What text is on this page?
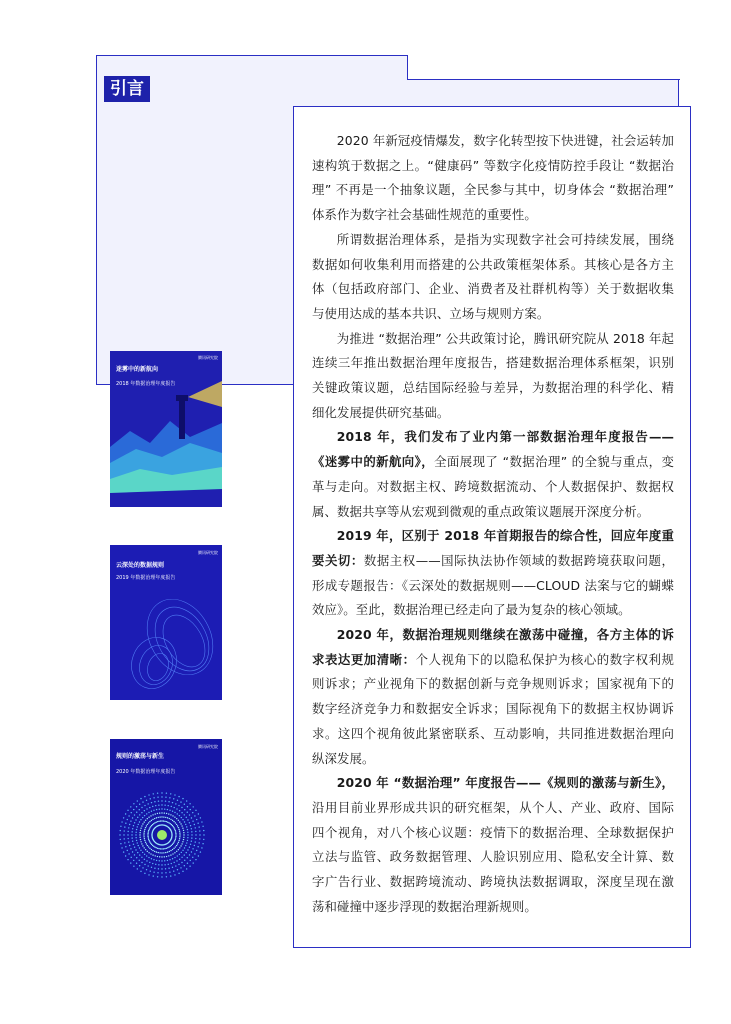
引言

2020 年新冠疫情爆发，数字化转型按下快进键，社会运转加速构筑于数据之上。“健康码” 等数字化疫情防控手段让 “数据治理” 不再是一个抽象议题，全民参与其中，切身体会 “数据治理” 体系作为数字社会基础性规范的重要性。

所谓数据治理体系，是指为实现数字社会可持续发展，围绕数据如何收集利用而搭建的公共政策框架体系。其核心是各方主体（包括政府部门、企业、消费者及社群机构等）关于数据收集与使用达成的基本共识、立场与规则方案。

为推进 “数据治理” 公共政策讨论，腾讯研究院从 2018 年起连续三年推出数据治理年度报告，搭建数据治理体系框架，识别关键政策议题，总结国际经验与差异，为数据治理的科学化、精细化发展提供研究基础。

2018 年，我们发布了业内第一部数据治理年度报告——《迷雾中的新航向》，全面展现了 “数据治理” 的全貌与重点，变革与走向。对数据主权、跨境数据流动、个人数据保护、数据权属、数据共享等从宏观到微观的重点政策议题展开深度分析。

2019 年，区别于 2018 年首期报告的综合性，回应年度重要关切：数据主权——国际执法协作领域的数据跨境获取问题，形成专题报告：《云深处的数据规则——CLOUD 法案与它的蝴蝶效应》。至此，数据治理已经走向了最为复杂的核心领域。

2020 年，数据治理规则继续在激荡中碰撞，各方主体的诉求表达更加清晰：个人视角下的以隐私保护为核心的数字权利规则诉求；产业视角下的数据创新与竞争规则诉求；国家视角下的数字经济竞争力和数据安全诉求；国际视角下的数据主权协调诉求。这四个视角彼此紧密联系、互动影响，共同推进数据治理向纵深发展。

2020 年 “数据治理” 年度报告——《规则的激荡与新生》，沿用目前业界形成共识的研究框架，从个人、产业、政府、国际四个视角，对八个核心议题：疫情下的数据治理、全球数据保护立法与监管、政务数据管理、人脸识别应用、隐私安全计算、数字广告行业、数据跨境流动、跨境执法数据调取，深度呈现在激荡和碰撞中逐步浮现的数据治理新规则。

迷雾中的新航向
2018 年数据治理年度报告
腾讯研究院
云深处的数据规则
2019 年数据治理年度报告
腾讯研究院
规则的激荡与新生
2020 年数据治理年度报告
腾讯研究院
